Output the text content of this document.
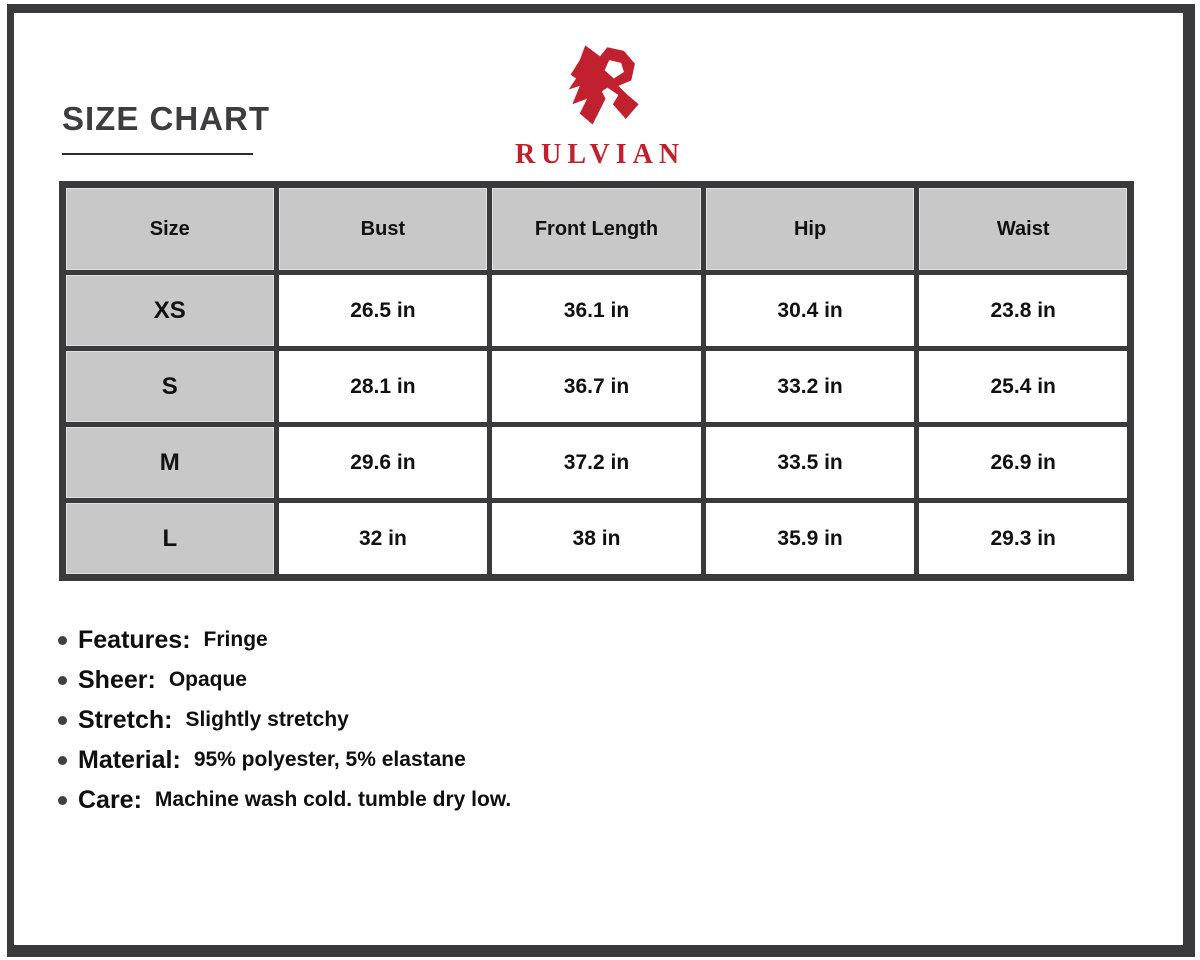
SIZE CHART
RULVIAN
Size	Bust	Front Length	Hip	Waist
XS	26.5 in	36.1 in	30.4 in	23.8 in
S	28.1 in	36.7 in	33.2 in	25.4 in
M	29.6 in	37.2 in	33.5 in	26.9 in
L	32 in	38 in	35.9 in	29.3 in
Features: Fringe
Sheer: Opaque
Stretch: Slightly stretchy
Material: 95% polyester, 5% elastane
Care: Machine wash cold. tumble dry low.
